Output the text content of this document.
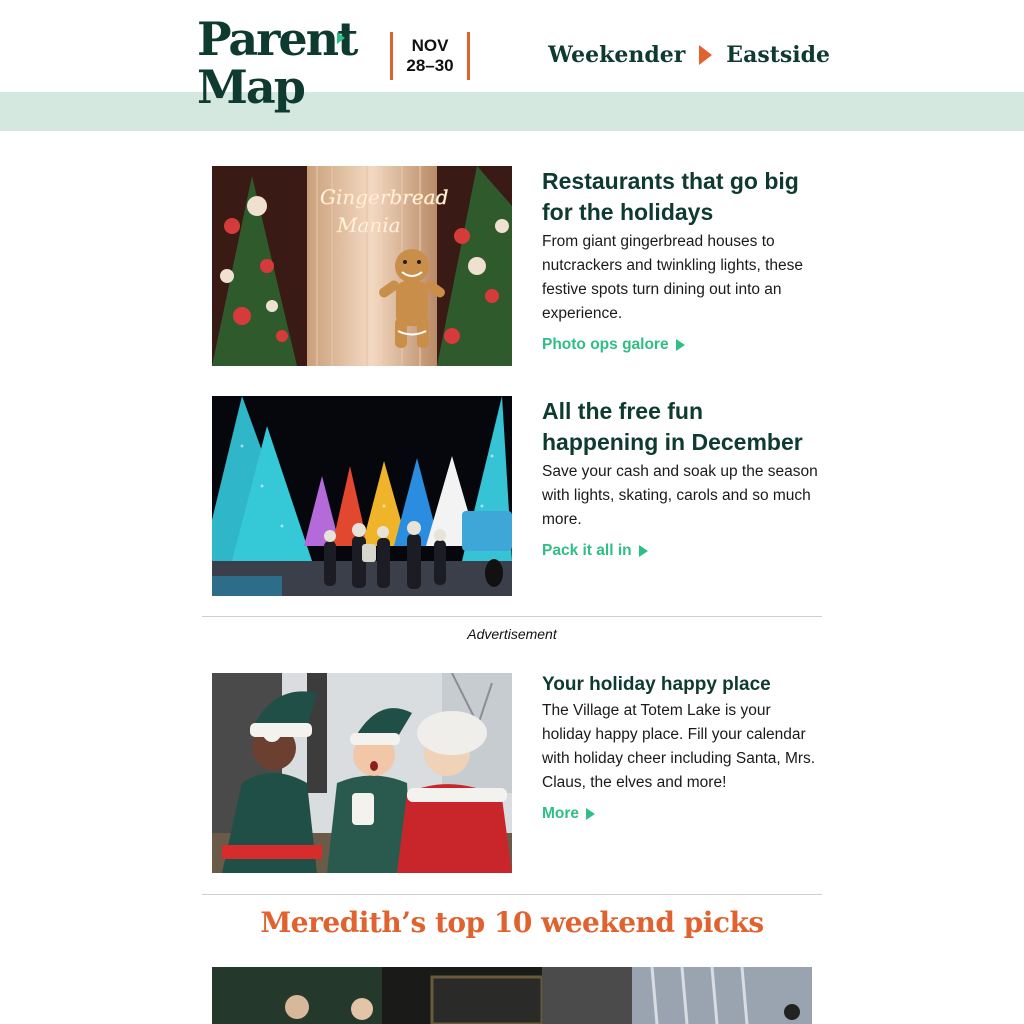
Parent
Map
NOV
28–30	Weekender Eastside
Gingerbread
Mania
Restaurants that go big for the holidays
From giant gingerbread houses to nutcrackers and twinkling lights, these festive spots turn dining out into an experience.
Photo ops galore
All the free fun happening in December
Save your cash and soak up the season with lights, skating, carols and so much more.
Pack it all in
Advertisement
Your holiday happy place
The Village at Totem Lake is your holiday happy place. Fill your calendar with holiday cheer including Santa, Mrs. Claus, the elves and more!
More
Meredith’s top 10 weekend picks
